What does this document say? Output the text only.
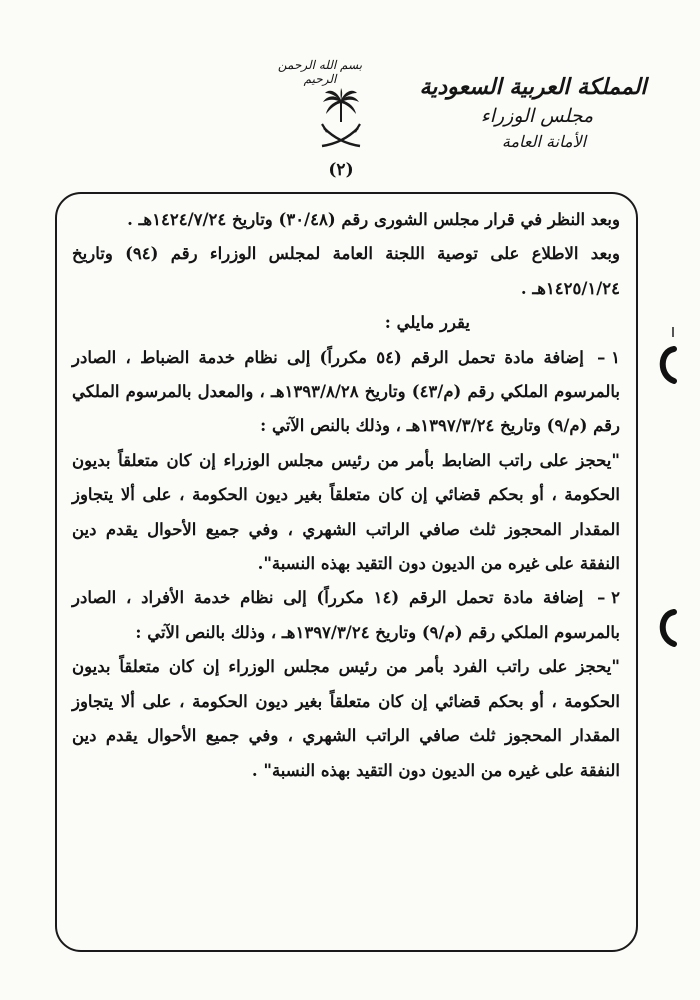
بسم الله الرحمن الرحيم
(٢)
المملكة العربية السعودية
مجلس الوزراء
الأمانة العامة

وبعد النظر في قرار مجلس الشورى رقم (٣٠/٤٨) وتاريخ ١٤٢٤/٧/٢٤هـ .

وبعد الاطلاع على توصية اللجنة العامة لمجلس الوزراء رقم (٩٤) وتاريخ ١٤٢٥/١/٢٤هـ .

يقرر مايلي :

١ – إضافة مادة تحمل الرقم (٥٤ مكرراً) إلى نظام خدمة الضباط ، الصادر بالمرسوم الملكي رقم (م/٤٣) وتاريخ ١٣٩٣/٨/٢٨هـ ، والمعدل بالمرسوم الملكي رقم (م/٩) وتاريخ ١٣٩٧/٣/٢٤هـ ، وذلك بالنص الآتي :

"يحجز على راتب الضابط بأمر من رئيس مجلس الوزراء إن كان متعلقاً بديون الحكومة ، أو بحكم قضائي إن كان متعلقاً بغير ديون الحكومة ، على ألا يتجاوز المقدار المحجوز ثلث صافي الراتب الشهري ، وفي جميع الأحوال يقدم دين النفقة على غيره من الديون دون التقيد بهذه النسبة".

٢ – إضافة مادة تحمل الرقم (١٤ مكرراً) إلى نظام خدمة الأفراد ، الصادر بالمرسوم الملكي رقم (م/٩) وتاريخ ١٣٩٧/٣/٢٤هـ ، وذلك بالنص الآتي :

"يحجز على راتب الفرد بأمر من رئيس مجلس الوزراء إن كان متعلقاً بديون الحكومة ، أو بحكم قضائي إن كان متعلقاً بغير ديون الحكومة ، على ألا يتجاوز المقدار المحجوز ثلث صافي الراتب الشهري ، وفي جميع الأحوال يقدم دين النفقة على غيره من الديون دون التقيد بهذه النسبة" .
